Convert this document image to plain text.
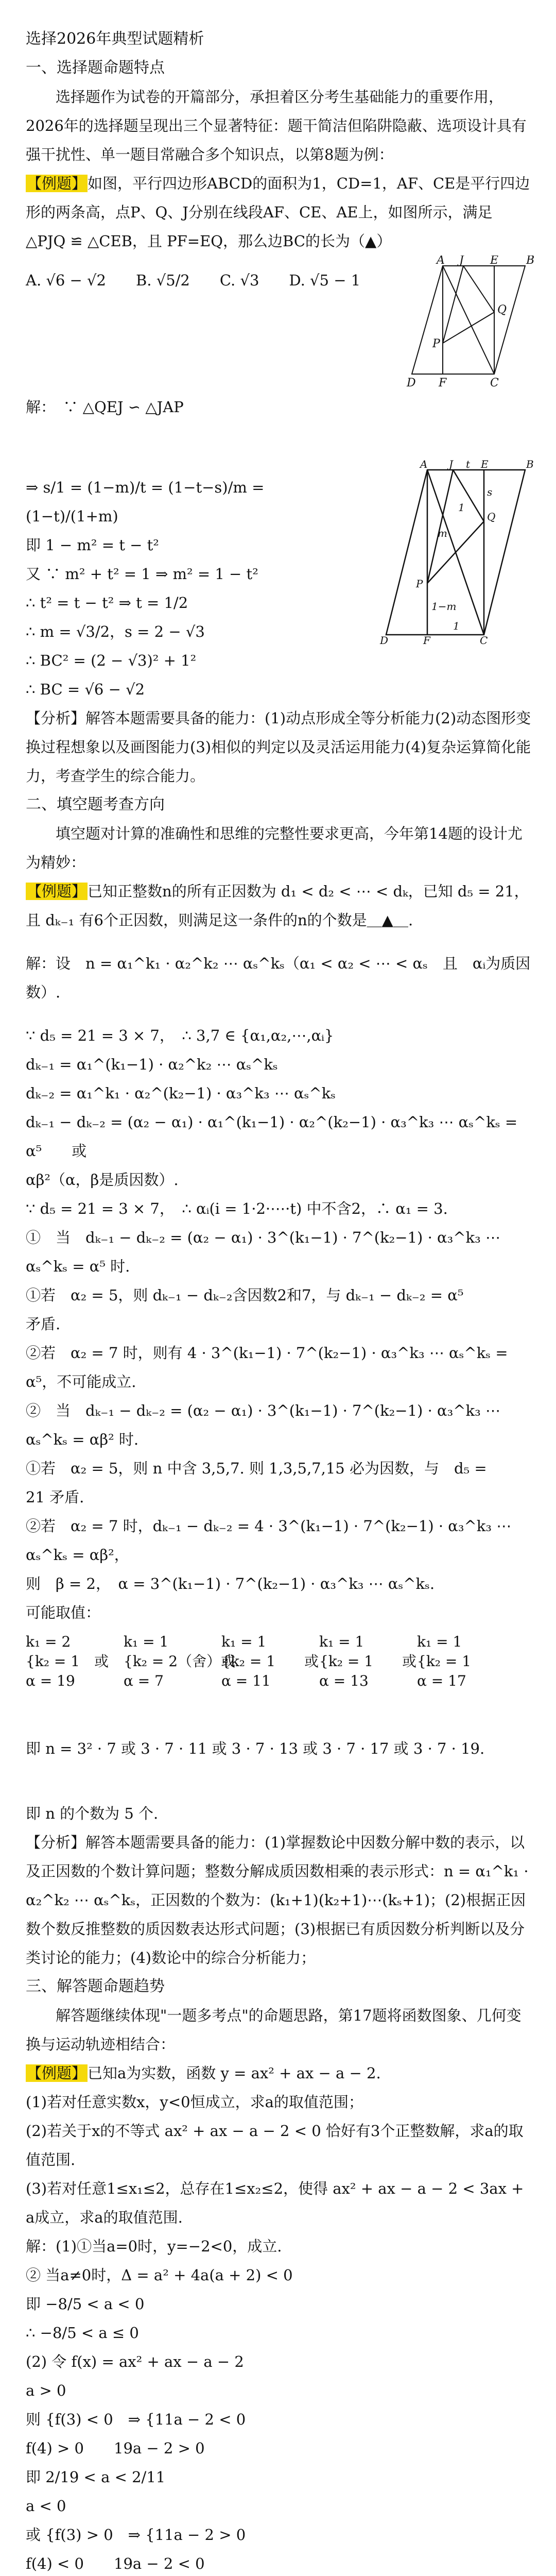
选择2026年典型试题精析

一、选择题命题特点

选择题作为试卷的开篇部分，承担着区分考生基础能力的重要作用，2026年的选择题呈现出三个显著特征：题干简洁但陷阱隐蔽、选项设计具有强干扰性、单一题目常融合多个知识点，以第8题为例：

【例题】如图，平行四边形ABCD的面积为1，CD=1，AF、CE是平行四边形的两条高，点P、Q、J分别在线段AF、CE、AE上，如图所示，满足 △PJQ ≌ △CEB，且 PF=EQ，那么边BC的长为（▲）

A. √6 − √2　　B. √5/2　　C. √3　　D. √5 − 1

A J E B
P
Q
D F	C

解：　∵ △QEJ ∽ △JAP

⇒ s/1 = (1−m)/t = (1−t−s)/m = (1−t)/(1+m)

即 1 − m² = t − t²

又 ∵ m² + t² = 1 ⇒ m² = 1 − t²

∴ t² = t − t² ⇒ t = 1/2

∴ m = √3/2，s = 2 − √3

∴ BC² = (2 − √3)² + 1²

∴ BC = √6 − √2

A J t E	B
Q
P
D	F	C
1−m
m
s
1
1

【分析】解答本题需要具备的能力：(1)动点形成全等分析能力(2)动态图形变换过程想象以及画图能力(3)相似的判定以及灵活运用能力(4)复杂运算简化能力，考查学生的综合能力。

二、填空题考查方向

填空题对计算的准确性和思维的完整性要求更高，今年第14题的设计尤为精妙：

【例题】已知正整数n的所有正因数为 d₁ < d₂ < ⋯ < dₖ，已知 d₅ = 21，且 dₖ₋₁ 有6个正因数，则满足这一条件的n的个数是＿▲＿.

解：设　n = α₁^k₁ · α₂^k₂ ⋯ αₛ^kₛ（α₁ < α₂ < ⋯ < αₛ　且　αᵢ为质因数）.

∵ d₅ = 21 = 3 × 7，　∴ 3,7 ∈ {α₁,α₂,⋯,αᵢ}

dₖ₋₁ = α₁^(k₁−1) · α₂^k₂ ⋯ αₛ^kₛ

dₖ₋₂ = α₁^k₁ · α₂^(k₂−1) · α₃^k₃ ⋯ αₛ^kₛ

dₖ₋₁ − dₖ₋₂ = (α₂ − α₁) · α₁^(k₁−1) · α₂^(k₂−1) · α₃^k₃ ⋯ αₛ^kₛ = α⁵　　或

αβ²（α，β是质因数）.

∵ d₅ = 21 = 3 × 7，　∴ αᵢ(i = 1·2·⋯·t) 中不含2，∴ α₁ = 3.

①　当　dₖ₋₁ − dₖ₋₂ = (α₂ − α₁) · 3^(k₁−1) · 7^(k₂−1) · α₃^k₃ ⋯ αₛ^kₛ = α⁵ 时.

①若　α₂ = 5，则 dₖ₋₁ − dₖ₋₂含因数2和7，与 dₖ₋₁ − dₖ₋₂ = α⁵

矛盾.

②若　α₂ = 7 时，则有 4 · 3^(k₁−1) · 7^(k₂−1) · α₃^k₃ ⋯ αₛ^kₛ = α⁵，不可能成立.

②　当　dₖ₋₁ − dₖ₋₂ = (α₂ − α₁) · 3^(k₁−1) · 7^(k₂−1) · α₃^k₃ ⋯ αₛ^kₛ = αβ² 时.

①若　α₂ = 5，则 n 中含 3,5,7. 则 1,3,5,7,15 必为因数，与　d₅ =

21 矛盾.

②若　α₂ = 7 时，dₖ₋₁ − dₖ₋₂ = 4 · 3^(k₁−1) · 7^(k₂−1) · α₃^k₃ ⋯ αₛ^kₛ = αβ²，

则　β = 2，　α = 3^(k₁−1) · 7^(k₂−1) · α₃^k₃ ⋯ αₛ^kₛ.

可能取值：

k₁ = 2
{k₂ = 1　 或
α = 19
k₁ = 1
{k₂ = 2（舍）或
α = 7
k₁ = 1
{k₂ = 1　　或
α = 11
k₁ = 1
{k₂ = 1　　或
α = 13
k₁ = 1
{k₂ = 1
α = 17

即 n = 3² · 7 或 3 · 7 · 11 或 3 · 7 · 13 或 3 · 7 · 17 或 3 · 7 · 19.

即 n 的个数为 5 个.

【分析】解答本题需要具备的能力：(1)掌握数论中因数分解中数的表示，以及正因数的个数计算问题；整数分解成质因数相乘的表示形式：n = α₁^k₁ · α₂^k₂ ⋯ αₛ^kₛ，正因数的个数为：(k₁+1)(k₂+1)⋯(kₛ+1)；(2)根据正因数个数反推整数的质因数表达形式问题；(3)根据已有质因数分析判断以及分类讨论的能力；(4)数论中的综合分析能力；

三、解答题命题趋势

解答题继续体现"一题多考点"的命题思路，第17题将函数图象、几何变换与运动轨迹相结合：

【例题】已知a为实数，函数 y = ax² + ax − a − 2.

(1)若对任意实数x，y<0恒成立，求a的取值范围；

(2)若关于x的不等式 ax² + ax − a − 2 < 0 恰好有3个正整数解，求a的取值范围.

(3)若对任意1≤x₁≤2，总存在1≤x₂≤2，使得 ax² + ax − a − 2 < 3ax + a成立，求a的取值范围.

解：(1)①当a=0时，y=−2<0，成立.

② 当a≠0时，Δ = a² + 4a(a + 2) < 0

即 −8/5 < a < 0

∴ −8/5 < a ≤ 0

(2) 令 f(x) = ax² + ax − a − 2

a > 0

则 {f(3) < 0　⇒ {11a − 2 < 0

f(4) > 0　　19a − 2 > 0

即 2/19 < a < 2/11

a < 0

或 {f(3) > 0　⇒ {11a − 2 > 0

f(4) < 0　　19a − 2 < 0
